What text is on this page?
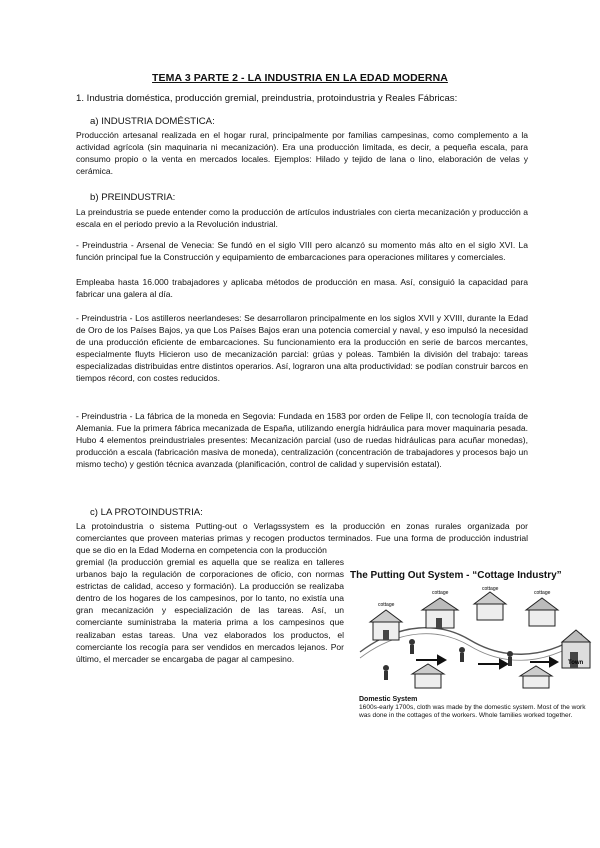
TEMA 3 PARTE 2 - LA INDUSTRIA EN LA EDAD MODERNA
1. Industria doméstica, producción gremial, preindustria, protoindustria y Reales Fábricas:
a) INDUSTRIA DOMÉSTICA:

Producción artesanal realizada en el hogar rural, principalmente por familias campesinas, como complemento a la actividad agrícola (sin maquinaria ni mecanización). Era una producción limitada, es decir, a pequeña escala, para consumo propio o la venta en mercados locales. Ejemplos: Hilado y tejido de lana o lino, elaboración de velas y cerámica.

b) PREINDUSTRIA:

La preindustria se puede entender como la producción de artículos industriales con cierta mecanización y producción a escala en el periodo previo a la Revolución industrial.

- Preindustria - Arsenal de Venecia: Se fundó en el siglo VIII pero alcanzó su momento más alto en el siglo XVI. La función principal fue la Construcción y equipamiento de embarcaciones para operaciones militares y comerciales.

Empleaba hasta 16.000 trabajadores y aplicaba métodos de producción en masa. Así, consiguió la capacidad para fabricar una galera al día.

- Preindustria - Los astilleros neerlandeses: Se desarrollaron principalmente en los siglos XVII y XVIII, durante la Edad de Oro de los Países Bajos, ya que Los Países Bajos eran una potencia comercial y naval, y eso impulsó la necesidad de una producción eficiente de embarcaciones. Su funcionamiento era la producción en serie de barcos mercantes, especialmente fluyts Hicieron uso de mecanización parcial: grúas y poleas. También la división del trabajo: tareas especializadas distribuidas entre distintos operarios. Así, lograron una alta productividad: se podían construir barcos en tiempos récord, con costes reducidos.

- Preindustria - La fábrica de la moneda en Segovia: Fundada en 1583 por orden de Felipe II, con tecnología traída de Alemania. Fue la primera fábrica mecanizada de España, utilizando energía hidráulica para mover maquinaria pesada. Hubo 4 elementos preindustriales presentes: Mecanización parcial (uso de ruedas hidráulicas para acuñar monedas), producción a escala (fabricación masiva de moneda), centralización (concentración de trabajadores y procesos bajo un mismo techo) y gestión técnica avanzada (planificación, control de calidad y supervisión estatal).

c) LA PROTOINDUSTRIA:

La protoindustria o sistema Putting-out o Verlagssystem es la producción en zonas rurales organizada por comerciantes que proveen materias primas y recogen productos terminados. Fue una forma de producción industrial que se dio en la Edad Moderna en competencia con la producción

gremial (la producción gremial es aquella que se realiza en talleres urbanos bajo la regulación de corporaciones de oficio, con normas estrictas de calidad, acceso y formación). La producción se realizaba dentro de los hogares de los campesinos, por lo tanto, no existía una gran mecanización y especialización de las tareas. Así, un comerciante suministraba la materia prima a los campesinos que realizaban estas tareas. Una vez elaborados los productos, el comerciante los recogía para ser vendidos en mercados lejanos. Por último, el mercader se encargaba de pagar al campesino.

The Putting Out System - “Cottage Industry”
cottage
cottage
cottage
cottage
Town
Domestic System
1600s-early 1700s, cloth was made by the domestic system. Most of the work was done in the cottages of the workers. Whole families worked together.
